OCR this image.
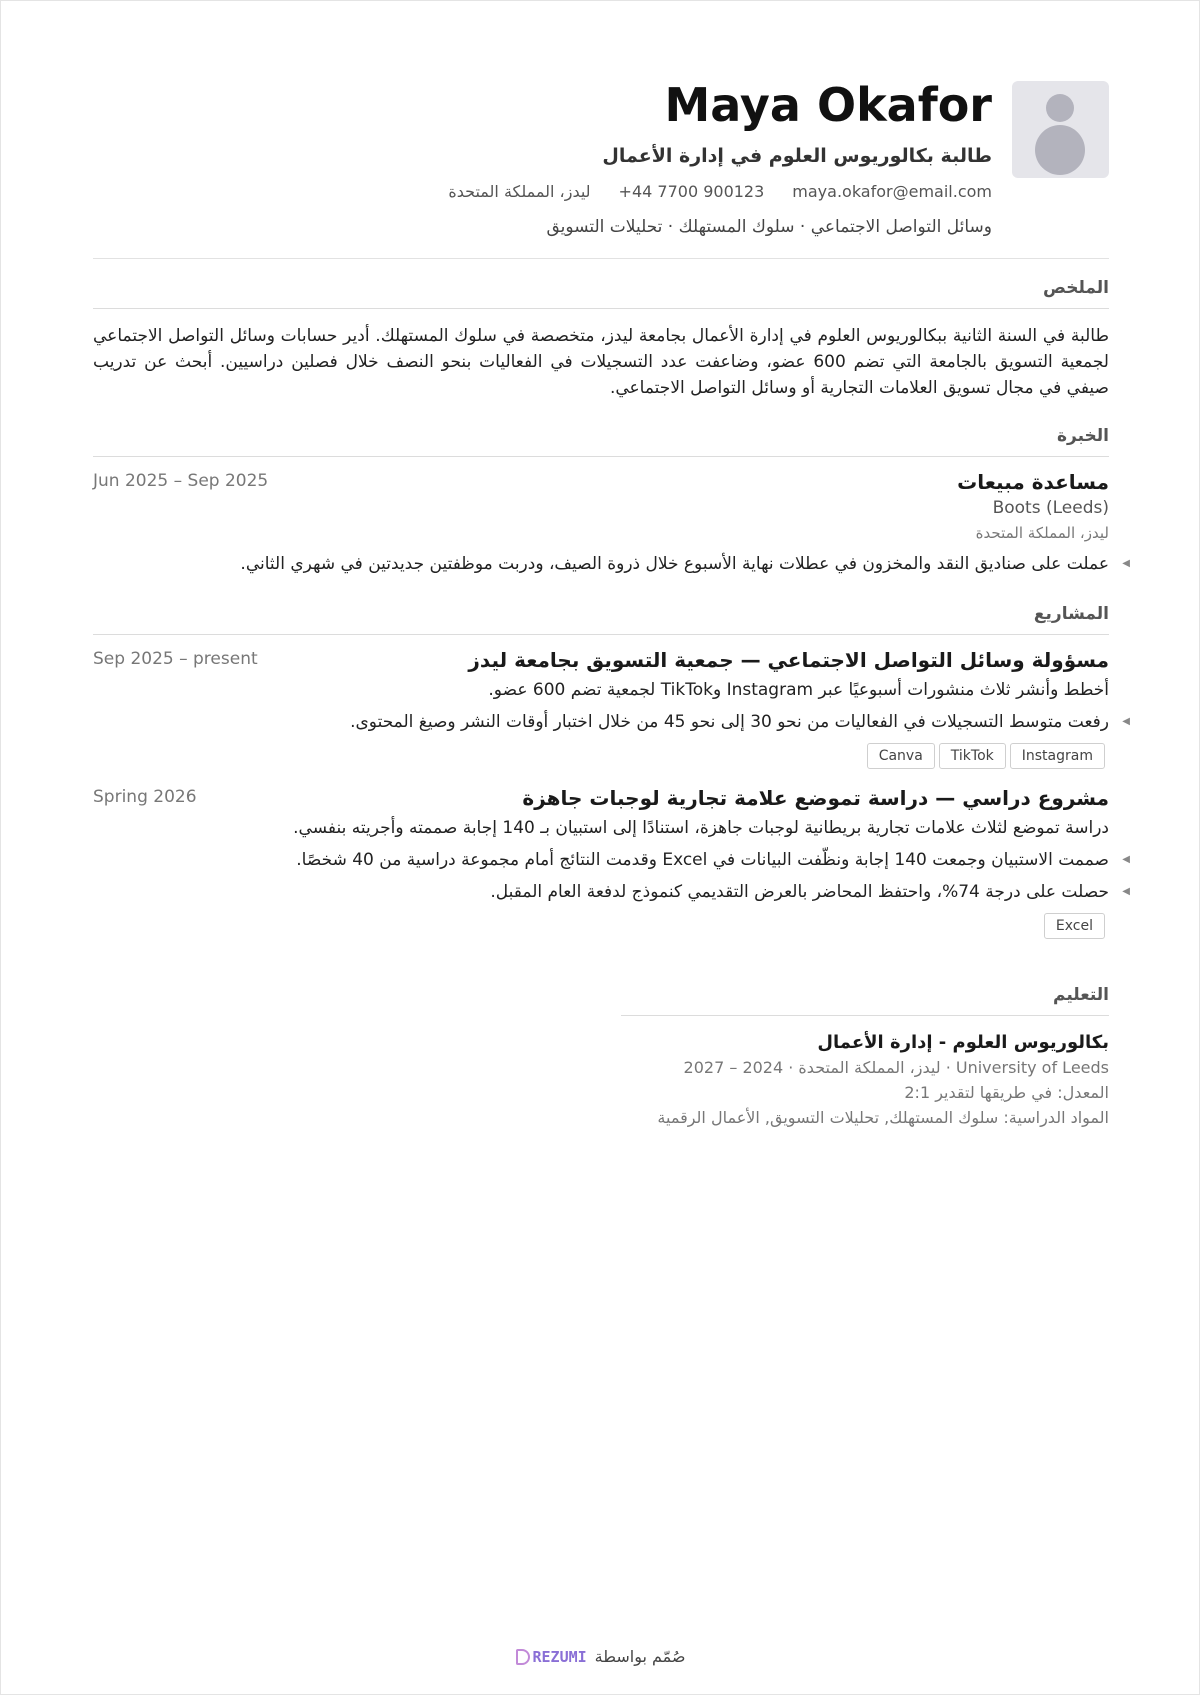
Maya Okafor
طالبة بكالوريوس العلوم في إدارة الأعمال
maya.okafor@email.com
+44 7700 900123
ليدز، المملكة المتحدة
وسائل التواصل الاجتماعي · سلوك المستهلك · تحليلات التسويق
الملخص
طالبة في السنة الثانية ببكالوريوس العلوم في إدارة الأعمال بجامعة ليدز، متخصصة في سلوك المستهلك. أدير حسابات وسائل التواصل الاجتماعي لجمعية التسويق بالجامعة التي تضم 600 عضو، وضاعفت عدد التسجيلات في الفعاليات بنحو النصف خلال فصلين دراسيين. أبحث عن تدريب صيفي في مجال تسويق العلامات التجارية أو وسائل التواصل الاجتماعي.
الخبرة
مساعدة مبيعات
Jun 2025 – Sep 2025
Boots (Leeds)
ليدز، المملكة المتحدة
◀
عملت على صناديق النقد والمخزون في عطلات نهاية الأسبوع خلال ذروة الصيف، ودربت موظفتين جديدتين في شهري الثاني.
المشاريع
مسؤولة وسائل التواصل الاجتماعي — جمعية التسويق بجامعة ليدز
Sep 2025 – present
أخطط وأنشر ثلاث منشورات أسبوعيًا عبر Instagram وTikTok لجمعية تضم 600 عضو.
◀
رفعت متوسط التسجيلات في الفعاليات من نحو 30 إلى نحو 45 من خلال اختبار أوقات النشر وصيغ المحتوى.
Instagram
TikTok
Canva
مشروع دراسي — دراسة تموضع علامة تجارية لوجبات جاهزة
Spring 2026
دراسة تموضع لثلاث علامات تجارية بريطانية لوجبات جاهزة، استنادًا إلى استبيان بـ 140 إجابة صممته وأجريته بنفسي.
◀
صممت الاستبيان وجمعت 140 إجابة ونظّفت البيانات في Excel وقدمت النتائج أمام مجموعة دراسية من 40 شخصًا.
◀
حصلت على درجة 74%، واحتفظ المحاضر بالعرض التقديمي كنموذج لدفعة العام المقبل.
Excel
التعليم
بكالوريوس العلوم - إدارة الأعمال
University of Leeds · ليدز، المملكة المتحدة · 2024 – 2027
المعدل: في طريقها لتقدير 2:1
المواد الدراسية: سلوك المستهلك, تحليلات التسويق, الأعمال الرقمية
صُمّم بواسطة
REZUMI
